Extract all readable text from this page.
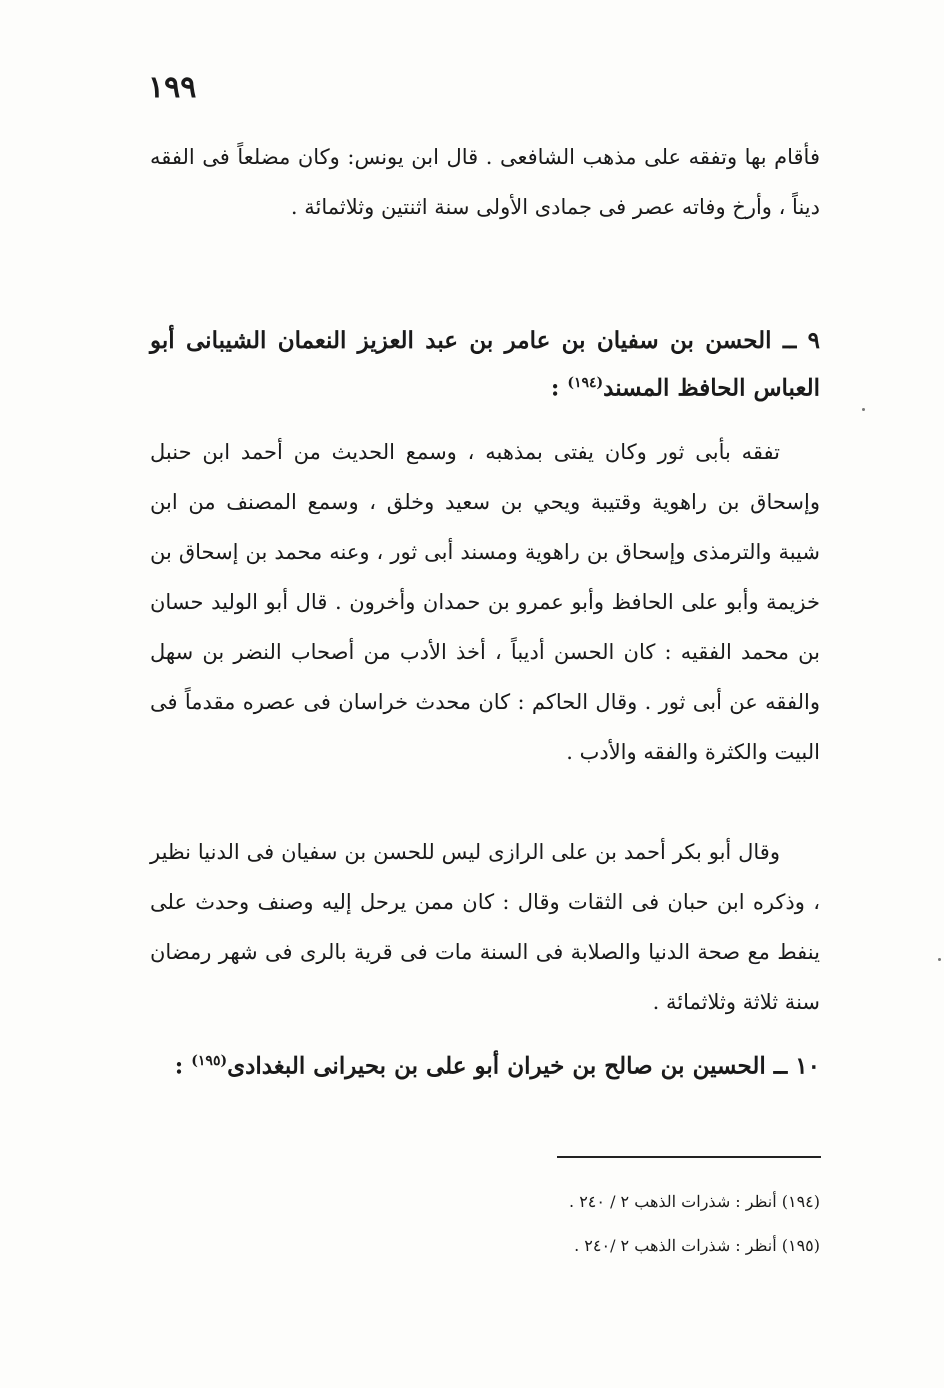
١٩٩

فأقام بها وتفقه على مذهب الشافعى . قال ابن يونس: وكان مضلعاً فى الفقه ديناً ، وأرخ وفاته عصر فى جمادى الأولى سنة اثنتين وثلاثمائة .

٩ ــ الحسن بن سفيان بن عامر بن عبد العزيز النعمان الشيبانى أبو العباس الحافظ المسند$^{(١٩٤)}$ :

تفقه بأبى ثور وكان يفتى بمذهبه ، وسمع الحديث من أحمد ابن حنبل وإسحاق بن راهوية وقتيبة ويحي بن سعيد وخلق ، وسمع المصنف من ابن شيبة والترمذى وإسحاق بن راهوية ومسند أبى ثور ، وعنه محمد بن إسحاق بن خزيمة وأبو على الحافظ وأبو عمرو بن حمدان وأخرون . قال أبو الوليد حسان بن محمد الفقيه : كان الحسن أديباً ، أخذ الأدب من أصحاب النضر بن سهل والفقه عن أبى ثور . وقال الحاكم : كان محدث خراسان فى عصره مقدماً فى البيت والكثرة والفقه والأدب .

وقال أبو بكر أحمد بن على الرازى ليس للحسن بن سفيان فى الدنيا نظير ، وذكره ابن حبان فى الثقات وقال : كان ممن يرحل إليه وصنف وحدث على ينفط مع صحة الدنيا والصلابة فى السنة مات فى قرية بالرى فى شهر رمضان سنة ثلاثة وثلاثمائة .

١٠ ــ الحسين بن صالح بن خيران أبو على بن بحيرانى البغدادى$^{(١٩٥)}$ :
(١٩٤) أنظر : شذرات الذهب ٢ / ٢٤٠ .
(١٩٥) أنظر : شذرات الذهب ٢ /٢٤٠ .
